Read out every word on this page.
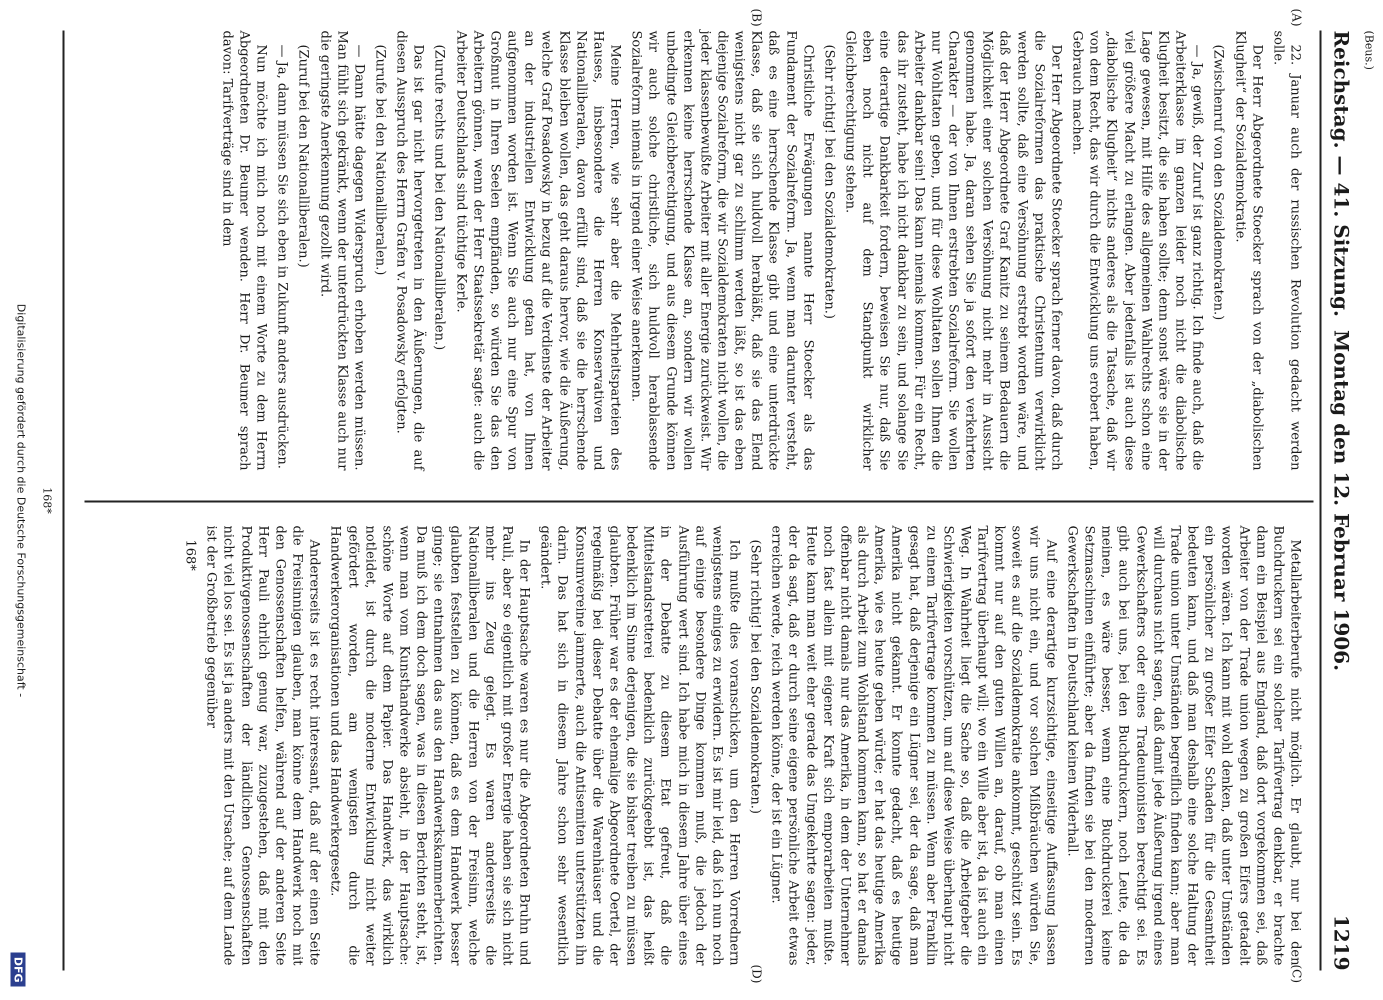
(Beus.)
Reichstag. — 41. Sitzung.
Montag den 12. Februar 1906.
1219
(A)
(B)
(C)
(D)

22. Januar auch der russischen Revolution gedacht werden solle.

Der Herr Abgeordnete Stoecker sprach von der „diabolischen Klugheit“ der Sozialdemokratie.

(Zwischenruf von den Sozialdemokraten.)

— Ja, gewiß, der Zuruf ist ganz richtig. Ich finde auch, daß die Arbeiterklasse im ganzen leider noch nicht die diabolische Klugheit besitzt, die sie haben sollte; denn sonst wäre sie in der Lage gewesen, mit Hilfe des allgemeinen Wahlrechts schon eine viel größere Macht zu erlangen. Aber jedenfalls ist auch diese „diabolische Klugheit“ nichts anderes als die Tatsache, daß wir von dem Recht, das wir durch die Entwicklung uns erobert haben, Gebrauch machen.

Der Herr Abgeordnete Stoecker sprach ferner davon, daß durch die Sozialreformen das praktische Christentum verwirklicht werden sollte, daß eine Versöhnung erstrebt worden wäre, und daß der Herr Abgeordnete Graf Kanitz zu seinem Bedauern die Möglichkeit einer solchen Versöhnung nicht mehr in Aussicht genommen habe. Ja, daran sehen Sie ja sofort den verkehrten Charakter — der von Ihnen erstrebten Sozialreform. Sie wollen nur Wohltaten geben, und für diese Wohltaten sollen Ihnen die Arbeiter dankbar sein! Das kann niemals kommen. Für ein Recht, das ihr zusteht, habe ich nicht dankbar zu sein, und solange Sie eine derartige Dankbarkeit fordern, beweisen Sie nur, daß Sie eben noch nicht auf dem Standpunkt wirklicher Gleichberechtigung stehen.

(Sehr richtig! bei den Sozialdemokraten.)

Christliche Erwägungen nannte Herr Stoecker als das Fundament der Sozialreform. Ja, wenn man darunter versteht, daß es eine herrschende Klasse gibt und eine unterdrückte Klasse, daß sie sich huldvoll herabläßt, daß sie das Elend wenigstens nicht gar zu schlimm werden läßt, so ist das eben diejenige Sozialreform, die wir Sozialdemokraten nicht wollen, die jeder klassenbewußte Arbeiter mit aller Energie zurückweist. Wir erkennen keine herrschende Klasse an, sondern wir wollen unbedingte Gleichberechtigung, und aus diesem Grunde können wir auch solche christliche, sich huldvoll herablassende Sozialreform niemals in irgend einer Weise anerkennen.

Meine Herren, wie sehr aber die Mehrheitsparteien des Hauses, insbesondere die Herren Konservativen und Nationalliberalen, davon erfüllt sind, daß sie die herrschende Klasse bleiben wollen, das geht daraus hervor, wie die Äußerung, welche Graf Posadowsky in bezug auf die Verdienste der Arbeiter an der industriellen Entwicklung getan hat, von Ihnen aufgenommen worden ist. Wenn Sie auch nur eine Spur von Großmut in Ihren Seelen empfänden, so würden Sie das den Arbeitern gönnen, wenn der Herr Staatssekretär sagte: auch die Arbeiter Deutschlands sind tüchtige Kerle.

(Zurufe rechts und bei den Nationalliberalen.)

Das ist gar nicht hervorgetreten in den Äußerungen, die auf diesen Ausspruch des Herrn Grafen v. Posadowsky erfolgten.

(Zurufe bei den Nationalliberalen.)

— Dann hätte dagegen Widerspruch erhoben werden müssen. Man fühlt sich gekränkt, wenn der unterdrückten Klasse auch nur die geringste Anerkennung gezollt wird.

(Zuruf bei den Nationalliberalen.)

— Ja, dann müssen Sie sich eben in Zukunft anders ausdrücken.

Nun möchte ich mich noch mit einem Worte zu dem Herrn Abgeordneten Dr. Beumer wenden. Herr Dr. Beumer sprach davon: Tarifverträge sind in dem

Metallarbeiterberufe nicht möglich. Er glaubt, nur bei den Buchdruckern sei ein solcher Tarifvertrag denkbar, er brachte dann ein Beispiel aus England, daß dort vorgekommen sei, daß Arbeiter von der Trade union wegen zu großen Eifers getadelt worden wären. Ich kann mit wohl denken, daß unter Umständen ein persönlicher zu großer Eifer Schaden für die Gesamtheit bedeuten kann, und daß man deshalb eine solche Haltung der Trade union unter Umständen begreiflich finden kann; aber man will durchaus nicht sagen, daß damit jede Äußerung irgend eines Gewerkschafters oder eines Tradeunionisten berechtigt sei. Es gibt auch bei uns, bei den Buchdruckern, noch Leute, die da meinen, es wäre besser, wenn eine Buchdruckerei keine Setzmaschinen einführte; aber da finden sie bei den modernen Gewerkschaften in Deutschland keinen Widerhall.

Auf eine derartige kurzsichtige, einseitige Auffassung lassen wir uns nicht ein, und vor solchen Mißbräuchen würden Sie, soweit es auf die Sozialdemokratie ankommt, geschützt sein. Es kommt nur auf den guten Willen an, darauf, ob man einen Tarifvertrag überhaupt will; wo ein Wille aber ist, da ist auch ein Weg. In Wahrheit liegt die Sache so, daß die Arbeitgeber die Schwierigkeiten vorschützen, um auf diese Weise überhaupt nicht zu einem Tarifvertrage kommen zu müssen. Wenn aber Franklin gesagt hat, daß derjenige ein Lügner sei, der da sage, daß man Amerika nicht gekannt. Er konnte gedacht, daß es heutige Amerika, wie es heute geben würde; er hat das heutige Amerika als durch Arbeit zum Wohlstand kommen kann, so hat er damals offenbar nicht damals nur das Amerika, in dem der Unternehmer noch fast allein mit eigener Kraft sich emporarbeiten mußte. Heute kann man weit eher gerade das Umgekehrte sagen: jeder, der da sagt, daß er durch seine eigene persönliche Arbeit etwas erreichen werde, reich werden könne, der ist ein Lügner.

(Sehr richtig! bei den Sozialdemokraten.)

Ich mußte dies voranschicken, um den Herren Vorrednern wenigstens einiges zu erwidern. Es ist mir leid, daß ich nun noch auf einige besondere Dinge kommen muß, die jedoch der Ausführung wert sind. Ich habe mich in diesem Jahre über eines in der Debatte zu diesem Etat gefreut, daß die Mittelstandsretterei bedenklich zurückgeebbt ist, das heißt bedenklich im Sinne derjenigen, die sie bisher treiben zu müssen glaubten. Früher war es der ehemalige Abgeordnete Oertel, der regelmäßig bei dieser Debatte über die Warenhäuser und die Konsumvereine jammerte, auch die Antisemiten unterstützten ihn darin. Das hat sich in diesem Jahre schon sehr wesentlich geändert.

In der Hauptsache waren es nur die Abgeordneten Bruhn und Pauli, aber so eigentlich mit großer Energie haben sie sich nicht mehr ins Zeug gelegt. Es waren andererseits die Nationalliberalen und die Herren von der Freisinn, welche glaubten feststellen zu können, daß es dem Handwerk besser ginge; sie entnahmen das aus den Handwerkskammerberichten. Da muß ich dem doch sagen, was in diesen Berichten steht, ist, wenn man vom Kunsthandwerke absieht, in der Hauptsache: schöne Worte auf dem Papier. Das Handwerk, das wirklich notleidet, ist durch die moderne Entwicklung nicht weiter gefördert worden, am wenigsten durch die Handwerkerorganisationen und das Handwerkergesetz.

Andererseits ist es recht interessant, daß auf der einen Seite die Freisinnigen glauben, man könne dem Handwerk noch mit den Genossenschaften helfen, während auf der anderen Seite Herr Pauli ehrlich genug war, zuzugestehen, daß mit den Produktivgenossenschaften der ländlichen Genossenschaften nicht viel los sei. Es ist ja anders mit den Ursache; auf dem Lande ist der Großbetrieb gegenüber

168*

168*
Digitalisierung gefördert durch die Deutsche Forschungsgemeinschaft -
DFG
